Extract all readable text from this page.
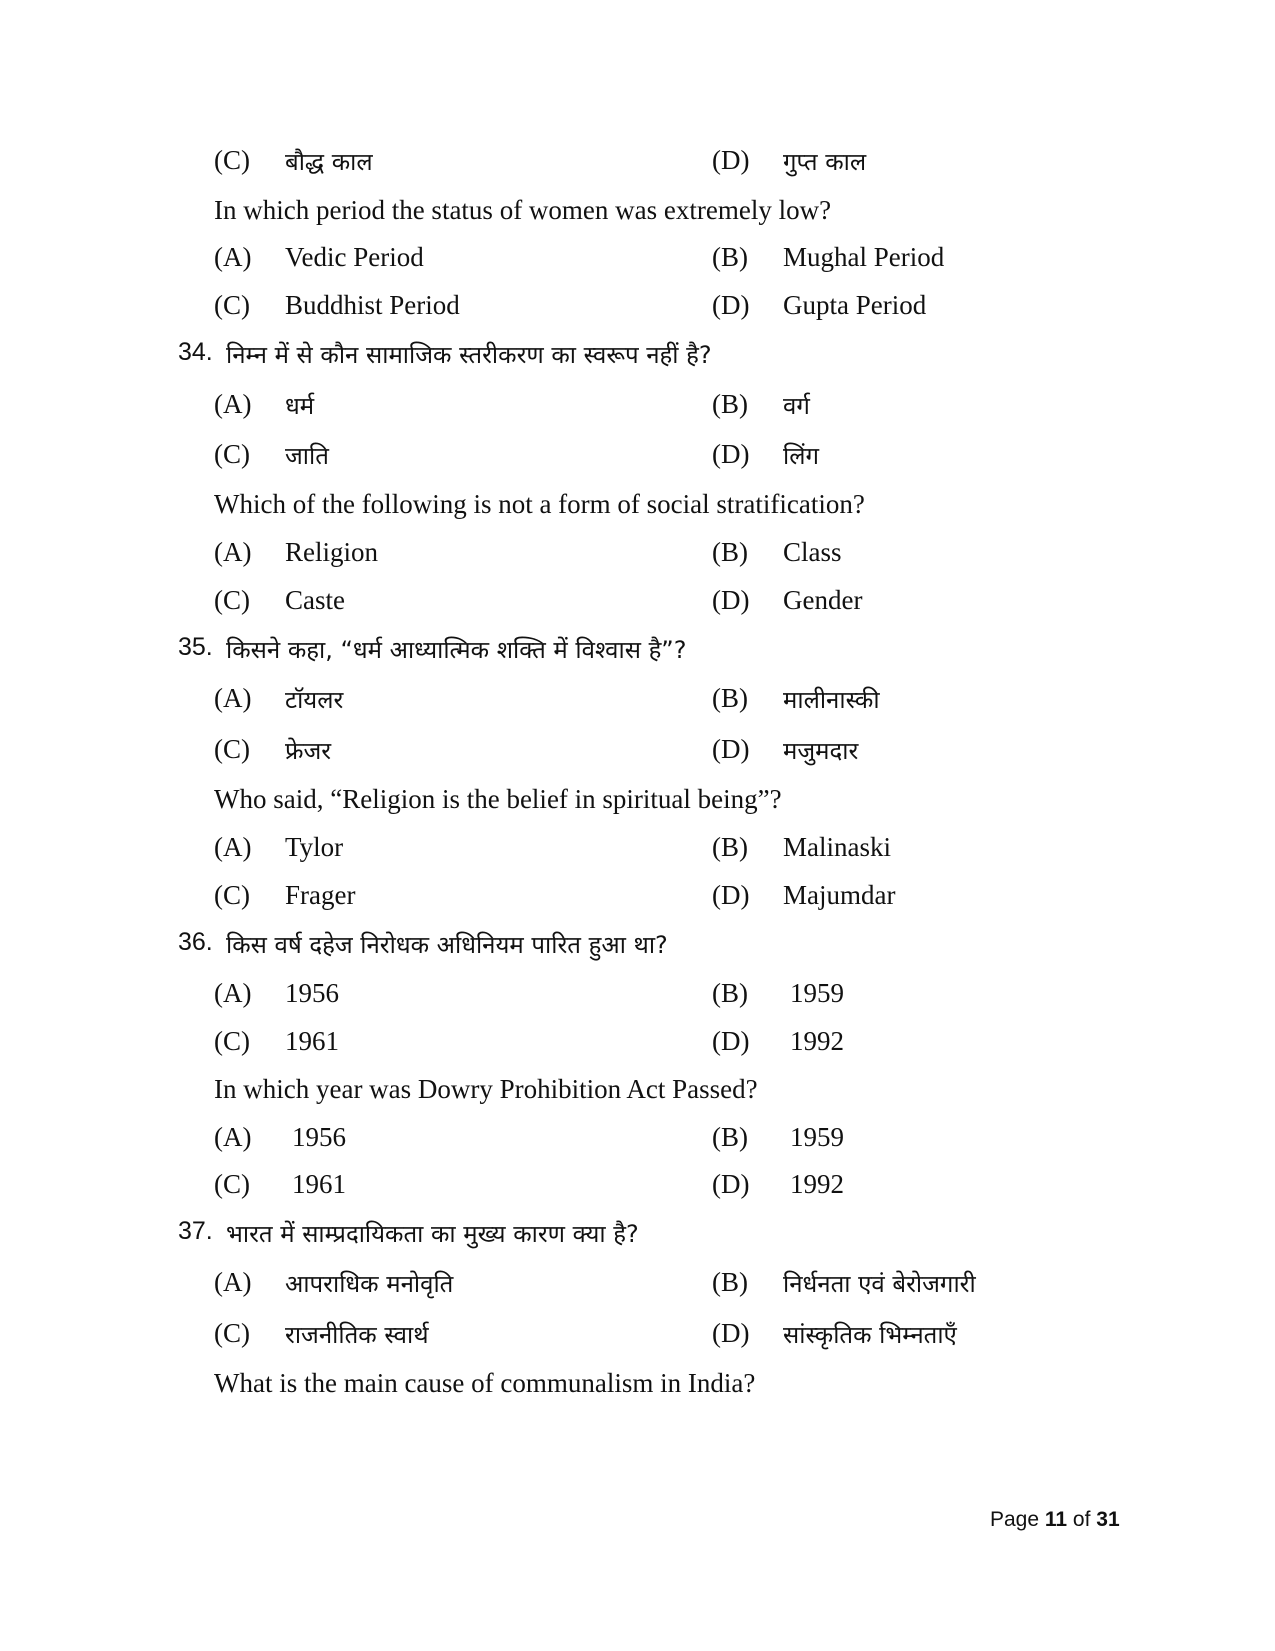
(C) बौद्ध काल	(D) गुप्त काल
In which period the status of women was extremely low?
(A) Vedic Period	(B) Mughal Period
(C) Buddhist Period	(D) Gupta Period
34. निम्न में से कौन सामाजिक स्तरीकरण का स्वरूप नहीं है?
(A) धर्म	(B) वर्ग
(C) जाति	(D) लिंग
Which of the following is not a form of social stratification?
(A) Religion	(B) Class
(C) Caste	(D) Gender
35. किसने कहा, “धर्म आध्यात्मिक शक्ति में विश्वास है”?
(A) टॉयलर	(B) मालीनास्की
(C) फ्रेजर	(D) मजुमदार
Who said, “Religion is the belief in spiritual being”?
(A) Tylor	(B) Malinaski
(C) Frager	(D) Majumdar
36. किस वर्ष दहेज निरोधक अधिनियम पारित हुआ था?
(A) 1956	(B) 1959
(C) 1961	(D) 1992
In which year was Dowry Prohibition Act Passed?
(A) 1956	(B) 1959
(C) 1961	(D) 1992
37. भारत में साम्प्रदायिकता का मुख्य कारण क्या है?
(A) आपराधिक मनोवृति	(B) निर्धनता एवं बेरोजगारी
(C) राजनीतिक स्वार्थ	(D) सांस्कृतिक भिम्नताएँ
What is the main cause of communalism in India?
Page 11 of 31
